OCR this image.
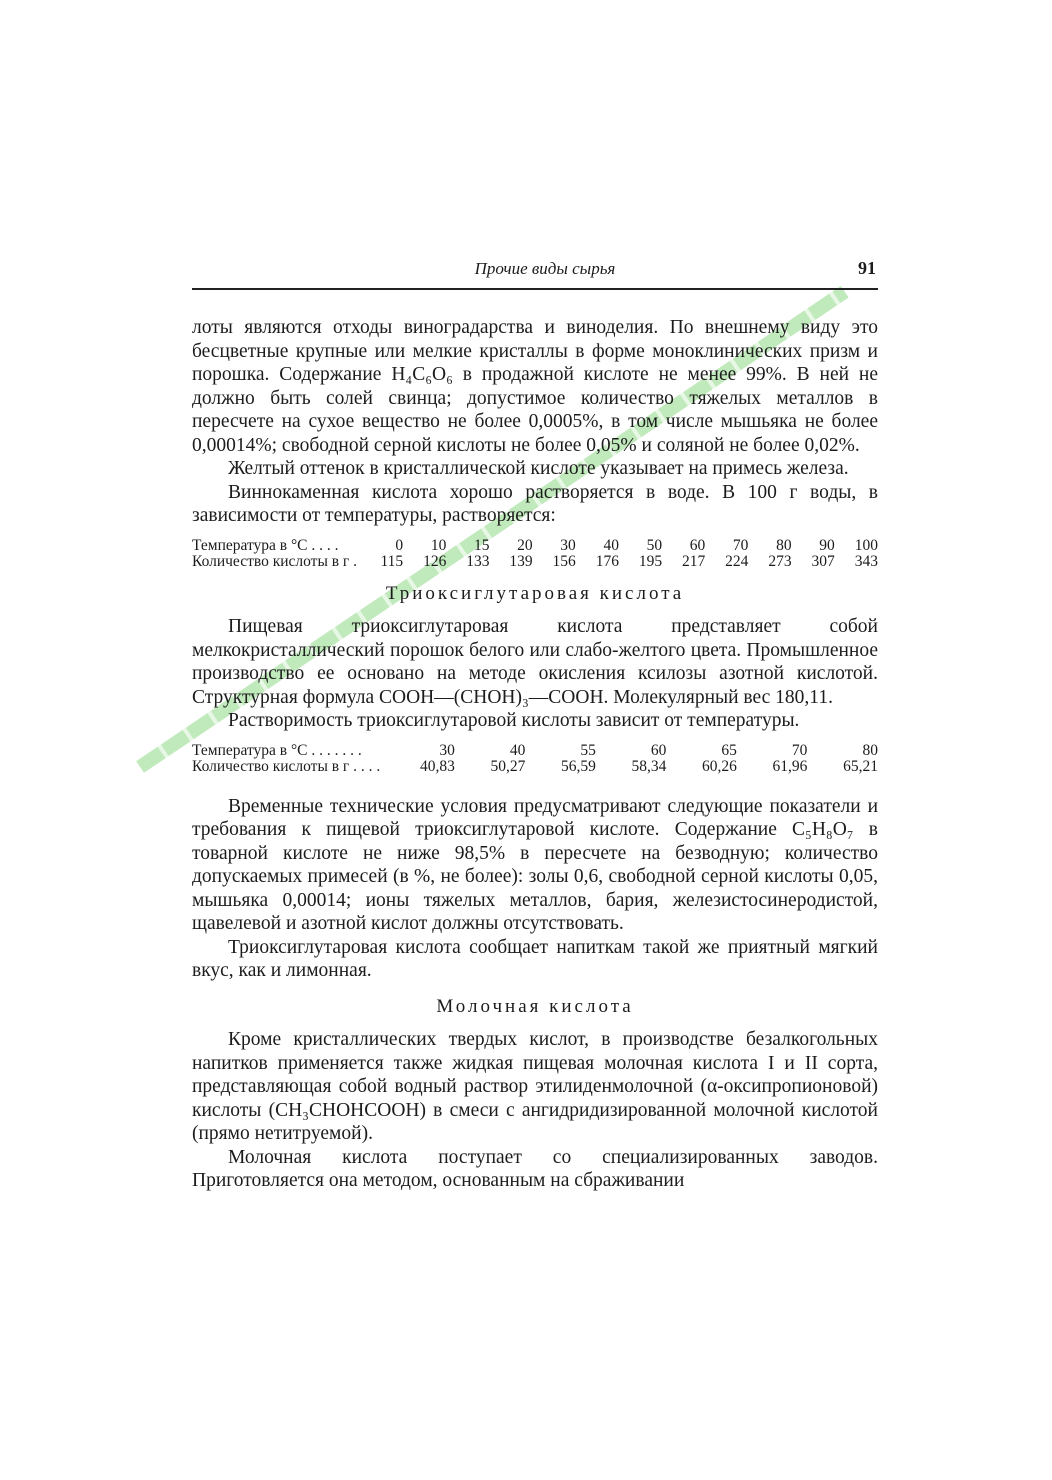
Прочие виды сырья	91

лоты являются отходы виноградарства и виноделия. По внешнему виду это бесцветные крупные или мелкие кристаллы в форме моноклинических призм и порошка. Содержание H₄C₆O₆ в продажной кислоте не менее 99%. В ней не должно быть солей свинца; допустимое количество тяжелых металлов в пересчете на сухое вещество не более 0,0005%, в том числе мышьяка не более 0,00014%; свободной серной кислоты не более 0,05% и соляной не более 0,02%.

Желтый оттенок в кристаллической кислоте указывает на примесь железа.

Виннокаменная кислота хорошо растворяется в воде. В 100 г воды, в зависимости от температуры, растворяется:

Температура в °C . . . .	0	10	15	20	30	40	50	60	70	80	90	100
Количество кислоты в г .	115	126	133	139	156	176	195	217	224	273	307	343
Триоксиглутаровая кислота

Пищевая триоксиглутаровая кислота представляет собой мелкокристаллический порошок белого или слабо-желтого цвета. Промышленное производство ее основано на методе окисления ксилозы азотной кислотой. Структурная формула COOH—(CHOH)₃—COOH. Молекулярный вес 180,11.

Растворимость триоксиглутаровой кислоты зависит от температуры.

Температура в °C . . . . . . .	30	40	55	60	65	70	80
Количество кислоты в г . . . .	40,83	50,27	56,59	58,34	60,26	61,96	65,21

Временные технические условия предусматривают следующие показатели и требования к пищевой триоксиглутаровой кислоте. Содержание C₅H₈O₇ в товарной кислоте не ниже 98,5% в пересчете на безводную; количество допускаемых примесей (в %, не более): золы 0,6, свободной серной кислоты 0,05, мышьяка 0,00014; ионы тяжелых металлов, бария, железистосинеродистой, щавелевой и азотной кислот должны отсутствовать.

Триоксиглутаровая кислота сообщает напиткам такой же приятный мягкий вкус, как и лимонная.

Молочная кислота

Кроме кристаллических твердых кислот, в производстве безалкогольных напитков применяется также жидкая пищевая молочная кислота I и II сорта, представляющая собой водный раствор этилиденмолочной (α-оксипропионовой) кислоты (CH₃CHOHCOOH) в смеси с ангидридизированной молочной кислотой (прямо нетитруемой).

Молочная кислота поступает со специализированных заводов. Приготовляется она методом, основанным на сбраживании
